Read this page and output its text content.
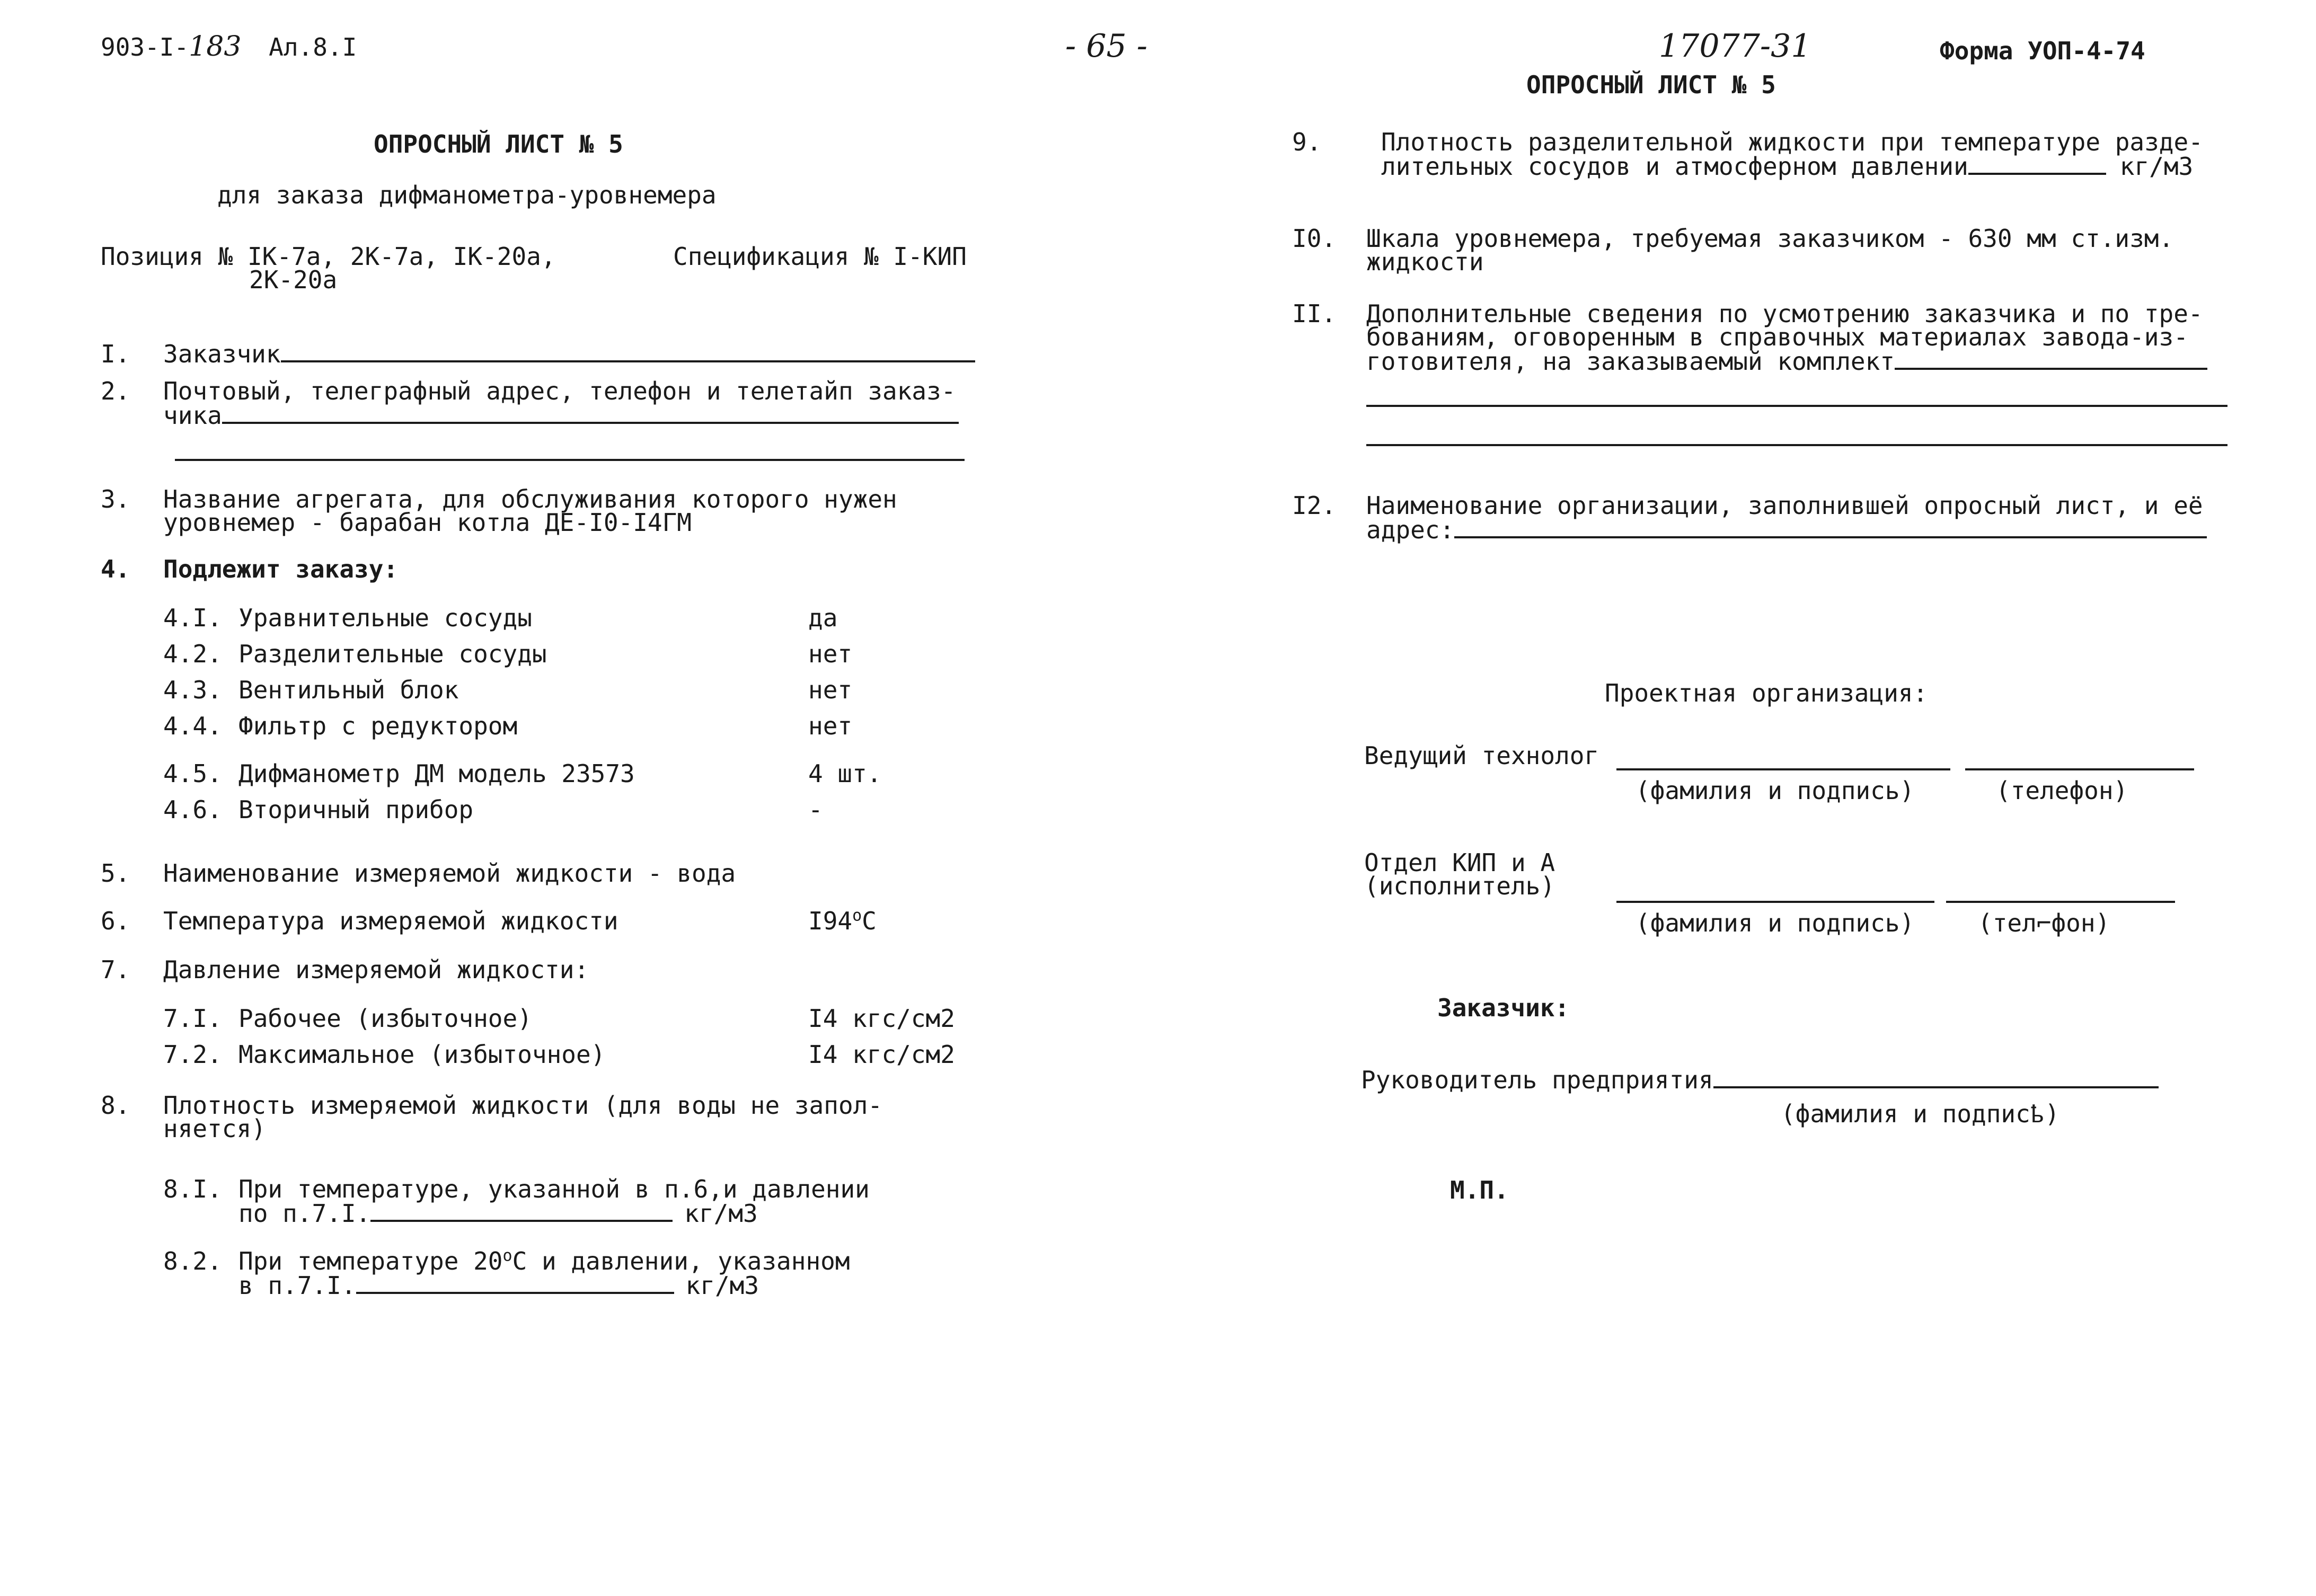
903-I-183 Ал.8.I	- 65 -	17077-31	Форма УОП-4-74
ОПРОСНЫЙ ЛИСТ № 5
для заказа дифманометра-уровнемера
Позиция № IК-7а, 2К-7а, IК-20а,
2К-20а
Спецификация № I-КИП
I. Заказчик
2. Почтовый, телеграфный адрес, телефон и телетайп заказ-
чика
3. Название агрегата, для обслуживания которого нужен
уровнемер - барабан котла ДЕ-I0-I4ГМ
4. Подлежит заказу:
4.I. Уравнительные сосуды	да
4.2. Разделительные сосуды	нет
4.3. Вентильный блок	нет
4.4. Фильтр с редуктором	нет
4.5. Дифманометр ДМ модель 23573	4 шт.
4.6. Вторичный прибор	-
5. Наименование измеряемой жидкости - вода
6. Температура измеряемой жидкости	$I94^оС$
7. Давление измеряемой жидкости:
7.I. Рабочее (избыточное)	I4 кгс/см2
7.2. Максимальное (избыточное)	I4 кгс/см2
8. Плотность измеряемой жидкости (для воды не запол-
няется)
8.I. При температуре, указанной в п.6,и давлении
по п.7.I.	кг/м3
8.2. При температуре $20^оС$ и давлении, указанном
в п.7.I.	кг/м3
ОПРОСНЫЙ ЛИСТ № 5
9. Плотность разделительной жидкости при температуре разде-
лительных сосудов и атмосферном давлении	кг/м3
I0. Шкала уровнемера, требуемая заказчиком - 630 мм ст.изм.
жидкости
II. Дополнительные сведения по усмотрению заказчика и по тре-
бованиям, оговоренным в справочных материалах завода-из-
готовителя, на заказываемый комплект
I2. Наименование организации, заполнившей опросный лист, и её
адрес:
Проектная организация:
Ведущий технолог
(фамилия и подпись)	(телефон)
Отдел КИП и А
(исполнитель)
(фамилия и подпись)	(тел⌐фон)
Заказчик:
Руководитель предприятия
(фамилия и подписҍ)
М.П.
